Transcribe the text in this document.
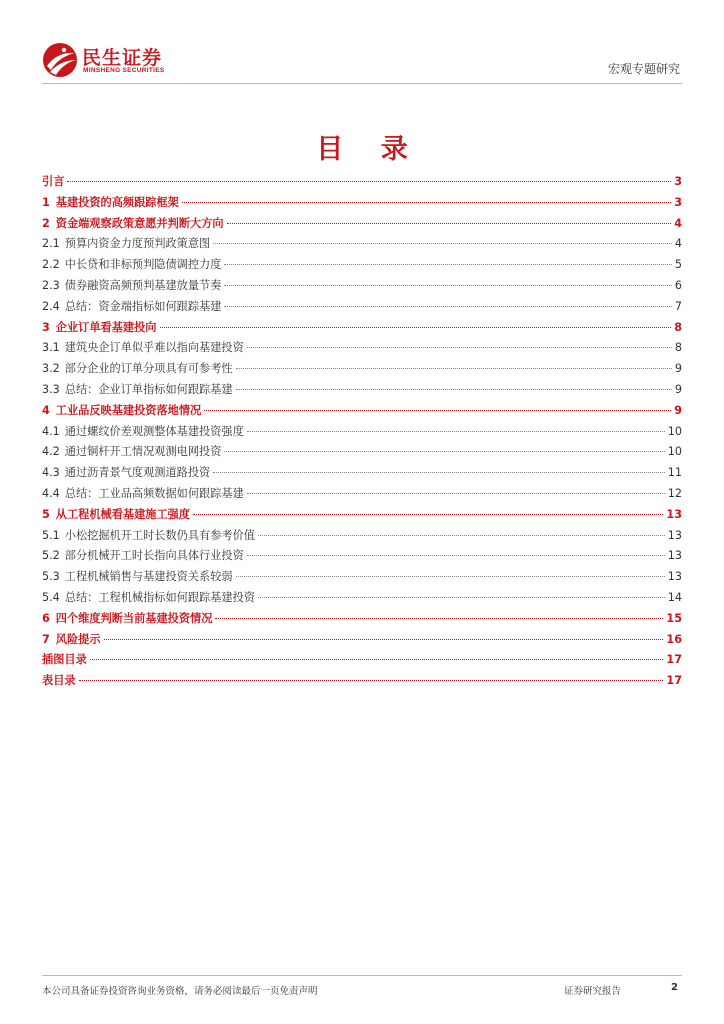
民生证券
MINSHENG SECURITIES	宏观专题研究
目 录
引言	3
1 基建投资的高频跟踪框架	3
2 资金端观察政策意愿并判断大方向	4
2.1 预算内资金力度预判政策意图	4
2.2 中长贷和非标预判隐债调控力度	5
2.3 债券融资高频预判基建放量节奏	6
2.4 总结：资金端指标如何跟踪基建	7
3 企业订单看基建投向	8
3.1 建筑央企订单似乎难以指向基建投资	8
3.2 部分企业的订单分项具有可参考性	9
3.3 总结：企业订单指标如何跟踪基建	9
4 工业品反映基建投资落地情况	9
4.1 通过螺纹价差观测整体基建投资强度	10
4.2 通过铜杆开工情况观测电网投资	10
4.3 通过沥青景气度观测道路投资	11
4.4 总结：工业品高频数据如何跟踪基建	12
5 从工程机械看基建施工强度	13
5.1 小松挖掘机开工时长数仍具有参考价值	13
5.2 部分机械开工时长指向具体行业投资	13
5.3 工程机械销售与基建投资关系较弱	13
5.4 总结：工程机械指标如何跟踪基建投资	14
6 四个维度判断当前基建投资情况	15
7 风险提示	16
插图目录	17
表目录	17
本公司具备证券投资咨询业务资格，请务必阅读最后一页免责声明	证券研究报告	2
